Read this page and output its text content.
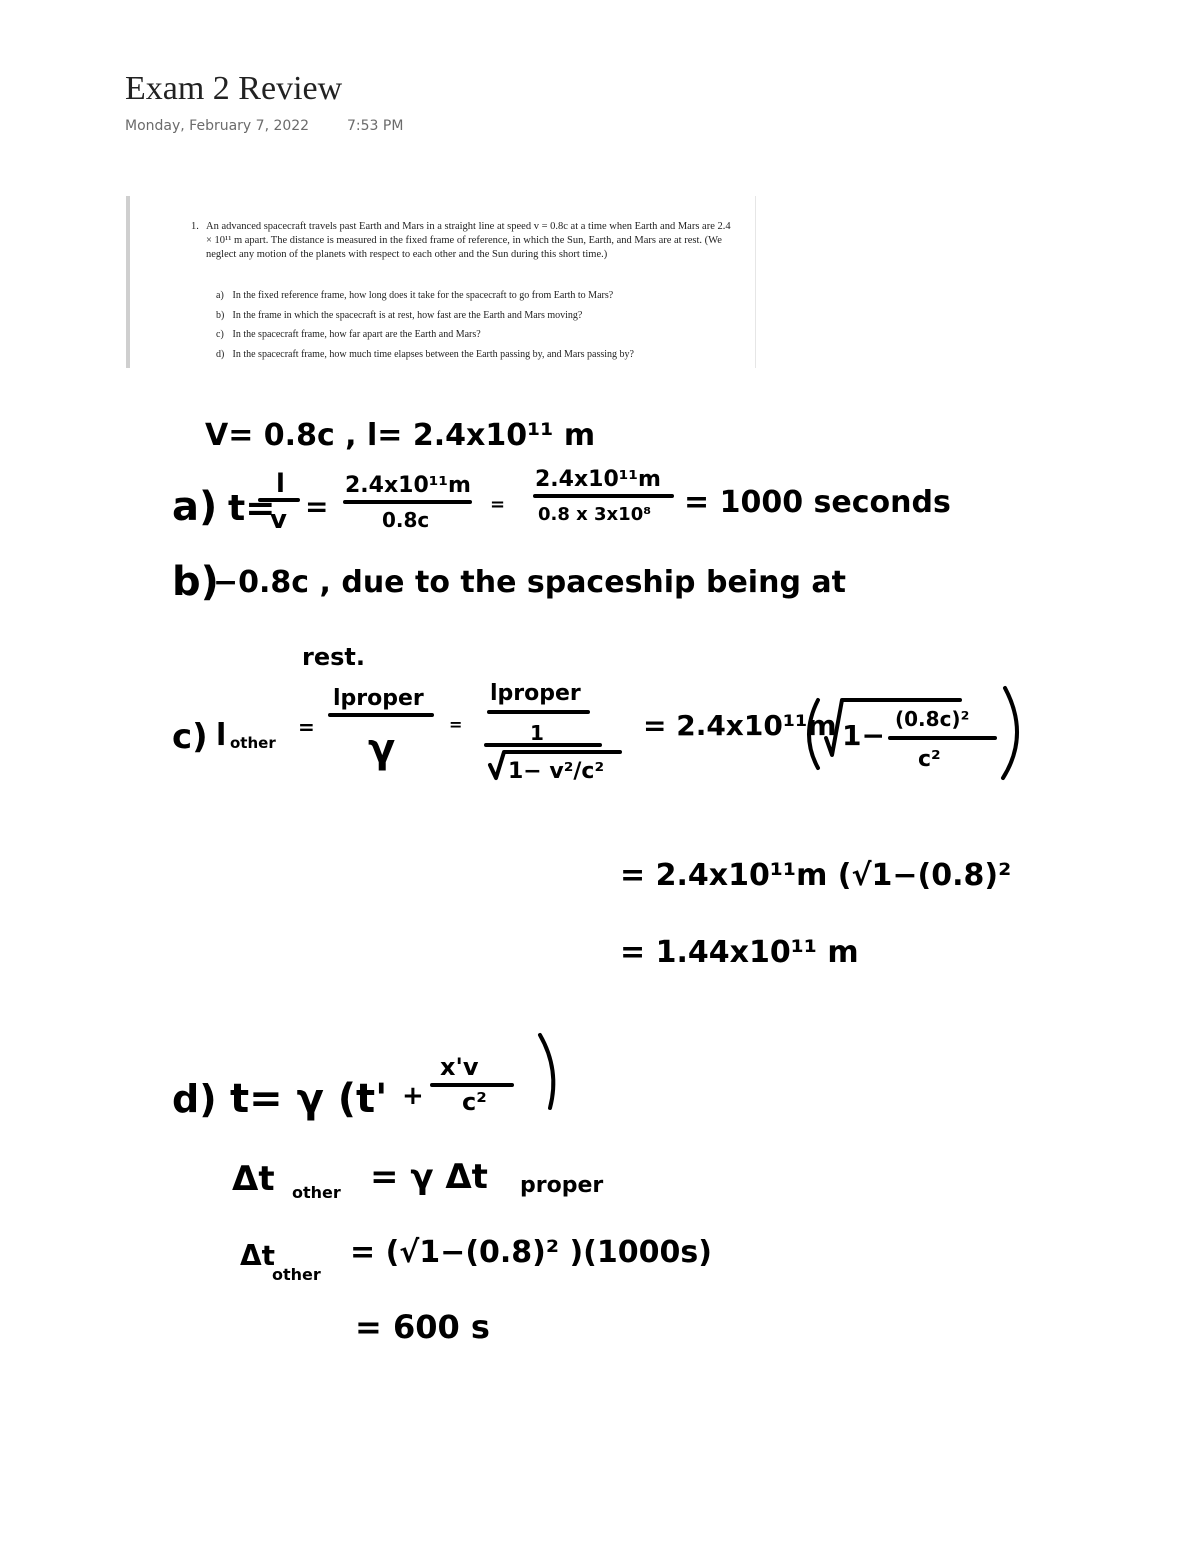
Exam 2 Review
Monday, February 7, 2022	7:53 PM
1. An advanced spacecraft travels past Earth and Mars in a straight line at speed v = 0.8c at a time when Earth and Mars are 2.4 × 10¹¹ m apart. The distance is measured in the fixed frame of reference, in which the Sun, Earth, and Mars are at rest. (We neglect any motion of the planets with respect to each other and the Sun during this short time.)
a) In the fixed reference frame, how long does it take for the spacecraft to go from Earth to Mars?
b) In the frame in which the spacecraft is at rest, how fast are the Earth and Mars moving?
c) In the spacecraft frame, how far apart are the Earth and Mars?
d) In the spacecraft frame, how much time elapses between the Earth passing by, and Mars passing by?
V= 0.8c , l= 2.4x10¹¹ m
a) t=
l
v =
2.4x10¹¹m
0.8c
=
2.4x10¹¹m
0.8 x 3x10⁸ = 1000 seconds
b)
−0.8c , due to the spaceship being at
rest.
c) l other
=
lproper
γ
=
lproper
1
1− v²/c²
= 2.4x10¹¹m 1− (0.8c)²
c²
= 2.4x10¹¹m (√1−(0.8)²
= 1.44x10¹¹ m
d) t= γ (t' +
x'v
c²
Δt other = γ Δt proper
Δt
other
= (√1−(0.8)² )(1000s)
= 600 s
